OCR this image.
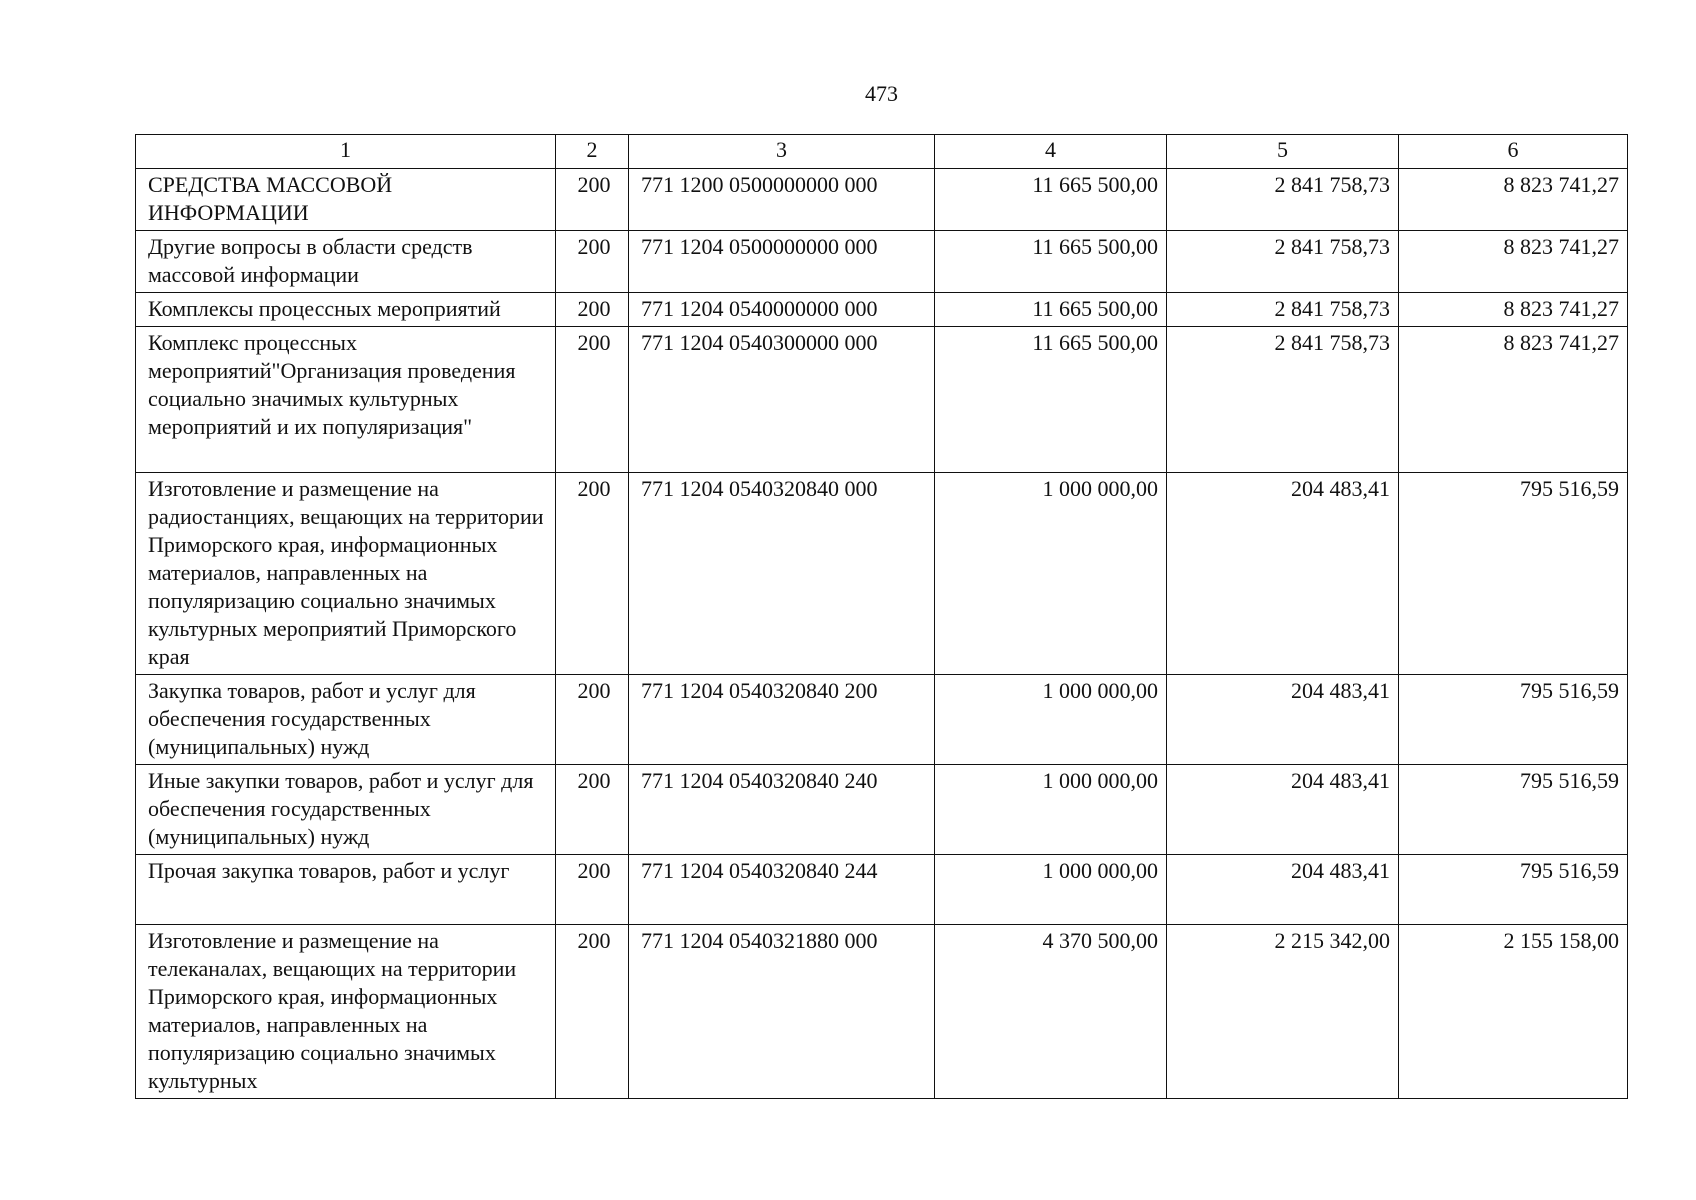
473
1	2	3	4	5	6
СРЕДСТВА МАССОВОЙ ИНФОРМАЦИИ	200	771 1200 0500000000 000	11 665 500,00	2 841 758,73	8 823 741,27
Другие вопросы в области средств массовой информации	200	771 1204 0500000000 000	11 665 500,00	2 841 758,73	8 823 741,27
Комплексы процессных мероприятий	200	771 1204 0540000000 000	11 665 500,00	2 841 758,73	8 823 741,27
Комплекс процессных мероприятий"Организация проведения социально значимых культурных мероприятий и их популяризация"	200	771 1204 0540300000 000	11 665 500,00	2 841 758,73	8 823 741,27
Изготовление и размещение на радиостанциях, вещающих на территории Приморского края, информационных материалов, направленных на популяризацию социально значимых культурных мероприятий Приморского края	200	771 1204 0540320840 000	1 000 000,00	204 483,41	795 516,59
Закупка товаров, работ и услуг для обеспечения государственных (муниципальных) нужд	200	771 1204 0540320840 200	1 000 000,00	204 483,41	795 516,59
Иные закупки товаров, работ и услуг для обеспечения государственных (муниципальных) нужд	200	771 1204 0540320840 240	1 000 000,00	204 483,41	795 516,59
Прочая закупка товаров, работ и услуг	200	771 1204 0540320840 244	1 000 000,00	204 483,41	795 516,59
Изготовление и размещение на телеканалах, вещающих на территории Приморского края, информационных материалов, направленных на популяризацию социально значимых культурных	200	771 1204 0540321880 000	4 370 500,00	2 215 342,00	2 155 158,00
